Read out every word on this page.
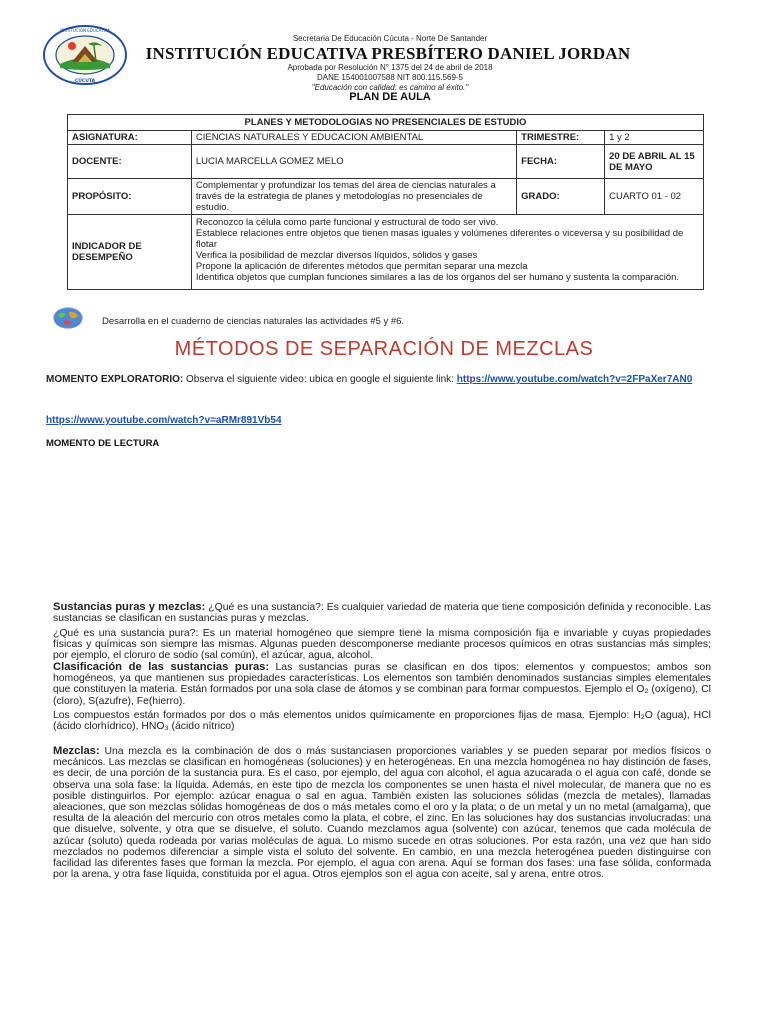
INSTITUCIÓN EDUCATIVA
CÚCUTA
Secretaria De Educación Cúcuta - Norte De Santander
INSTITUCIÓN EDUCATIVA PRESBÍTERO DANIEL JORDAN
Aprobada por Resolución N° 1375 del 24 de abril de 2018
DANE 154001007588 NIT 800.115.569-5
"Educación con calidad: es camino al éxito."
PLAN DE AULA
PLANES Y METODOLOGIAS NO PRESENCIALES DE ESTUDIO			
ASIGNATURA:	CIENCIAS NATURALES Y EDUCACION AMBIENTAL	TRIMESTRE:	1 y 2
DOCENTE:	LUCIA MARCELLA GOMEZ MELO	FECHA:	20 DE ABRIL AL 15 DE MAYO
PROPÓSITO:	Complementar y profundizar los temas del área de ciencias naturales a través de la estrategia de planes y metodologías no presenciales de estudio.	GRADO:	CUARTO 01 - 02
INDICADOR DE DESEMPEÑO	Reconozco la célula como parte funcional y estructural de todo ser vivo.
Establece relaciones entre objetos que tienen masas iguales y volúmenes diferentes o viceversa y su posibilidad de flotar
Verifica la posibilidad de mezclar diversos líquidos, sólidos y gases
Propone la aplicación de diferentes métodos que permitan separar una mezcla
Identifica objetos que cumplan funciones similares a las de los órganos del ser humano y sustenta la comparación.		
Desarrolla en el cuaderno de ciencias naturales las actividades #5 y #6.
MÉTODOS DE SEPARACIÓN DE MEZCLAS
MOMENTO EXPLORATORIO: Observa el siguiente video: ubica en google el siguiente link: https://www.youtube.com/watch?v=2FPaXer7AN0
https://www.youtube.com/watch?v=aRMr891Vb54
MOMENTO DE LECTURA
Sustancias puras y mezclas: ¿Qué es una sustancia?: Es cualquier variedad de materia que tiene composición definida y reconocible. Las sustancias se clasifican en sustancias puras y mezclas.
¿Qué es una sustancia pura?: Es un material homogéneo que siempre tiene la misma composición fija e invariable y cuyas propiedades físicas y químicas son siempre las mismas. Algunas pueden descomponerse mediante procesos químicos en otras sustancias más simples; por ejemplo, el cloruro de sodio (sal común), el azúcar, agua, alcohol.
Clasificación de las sustancias puras: Las sustancias puras se clasifican en dos tipos: elementos y compuestos; ambos son homogéneos, ya que mantienen sus propiedades características. Los elementos son también denominados sustancias simples elementales que constituyen la materia. Están formados por una sola clase de átomos y se combinan para formar compuestos. Ejemplo el O₂ (oxígeno), Cl (cloro), S(azufre), Fe(hierro).
Los compuestos están formados por dos o más elementos unidos químicamente en proporciones fijas de masa. Ejemplo: H₂O (agua), HCl (ácido clorhídrico), HNO₃ (ácido nítrico)
Mezclas: Una mezcla es la combinación de dos o más sustanciasen proporciones variables y se pueden separar por medios físicos o mecánicos. Las mezclas se clasifican en homogéneas (soluciones) y en heterogéneas. En una mezcla homogénea no hay distinción de fases, es decir, de una porción de la sustancia pura. Es el caso, por ejemplo, del agua con alcohol, el agua azucarada o el agua con café, donde se observa una sola fase: la líquida. Además, en este tipo de mezcla los componentes se unen hasta el nivel molecular, de manera que no es posible distinguirlos. Por ejemplo: azúcar enagua o sal en agua. También existen las soluciones sólidas (mezcla de metales), llamadas aleaciones, que son mezclas sólidas homogéneas de dos o más metales como el oro y la plata; o de un metal y un no metal (amalgama), que resulta de la aleación del mercurio con otros metales como la plata, el cobre, el zinc. En las soluciones hay dos sustancias involucradas: una que disuelve, solvente, y otra que se disuelve, el soluto. Cuando mezclamos agua (solvente) con azúcar, tenemos que cada molécula de azúcar (soluto) queda rodeada por varias moléculas de agua. Lo mismo sucede en otras soluciones. Por esta razón, una vez que han sido mezclados no podemos diferenciar a simple vista el soluto del solvente. En cambio, en una mezcla heterogénea pueden distinguirse con facilidad las diferentes fases que forman la mezcla. Por ejemplo, el agua con arena. Aquí se forman dos fases: una fase sólida, conformada por la arena, y otra fase líquida, constituida por el agua. Otros ejemplos son el agua con aceite, sal y arena, entre otros.
